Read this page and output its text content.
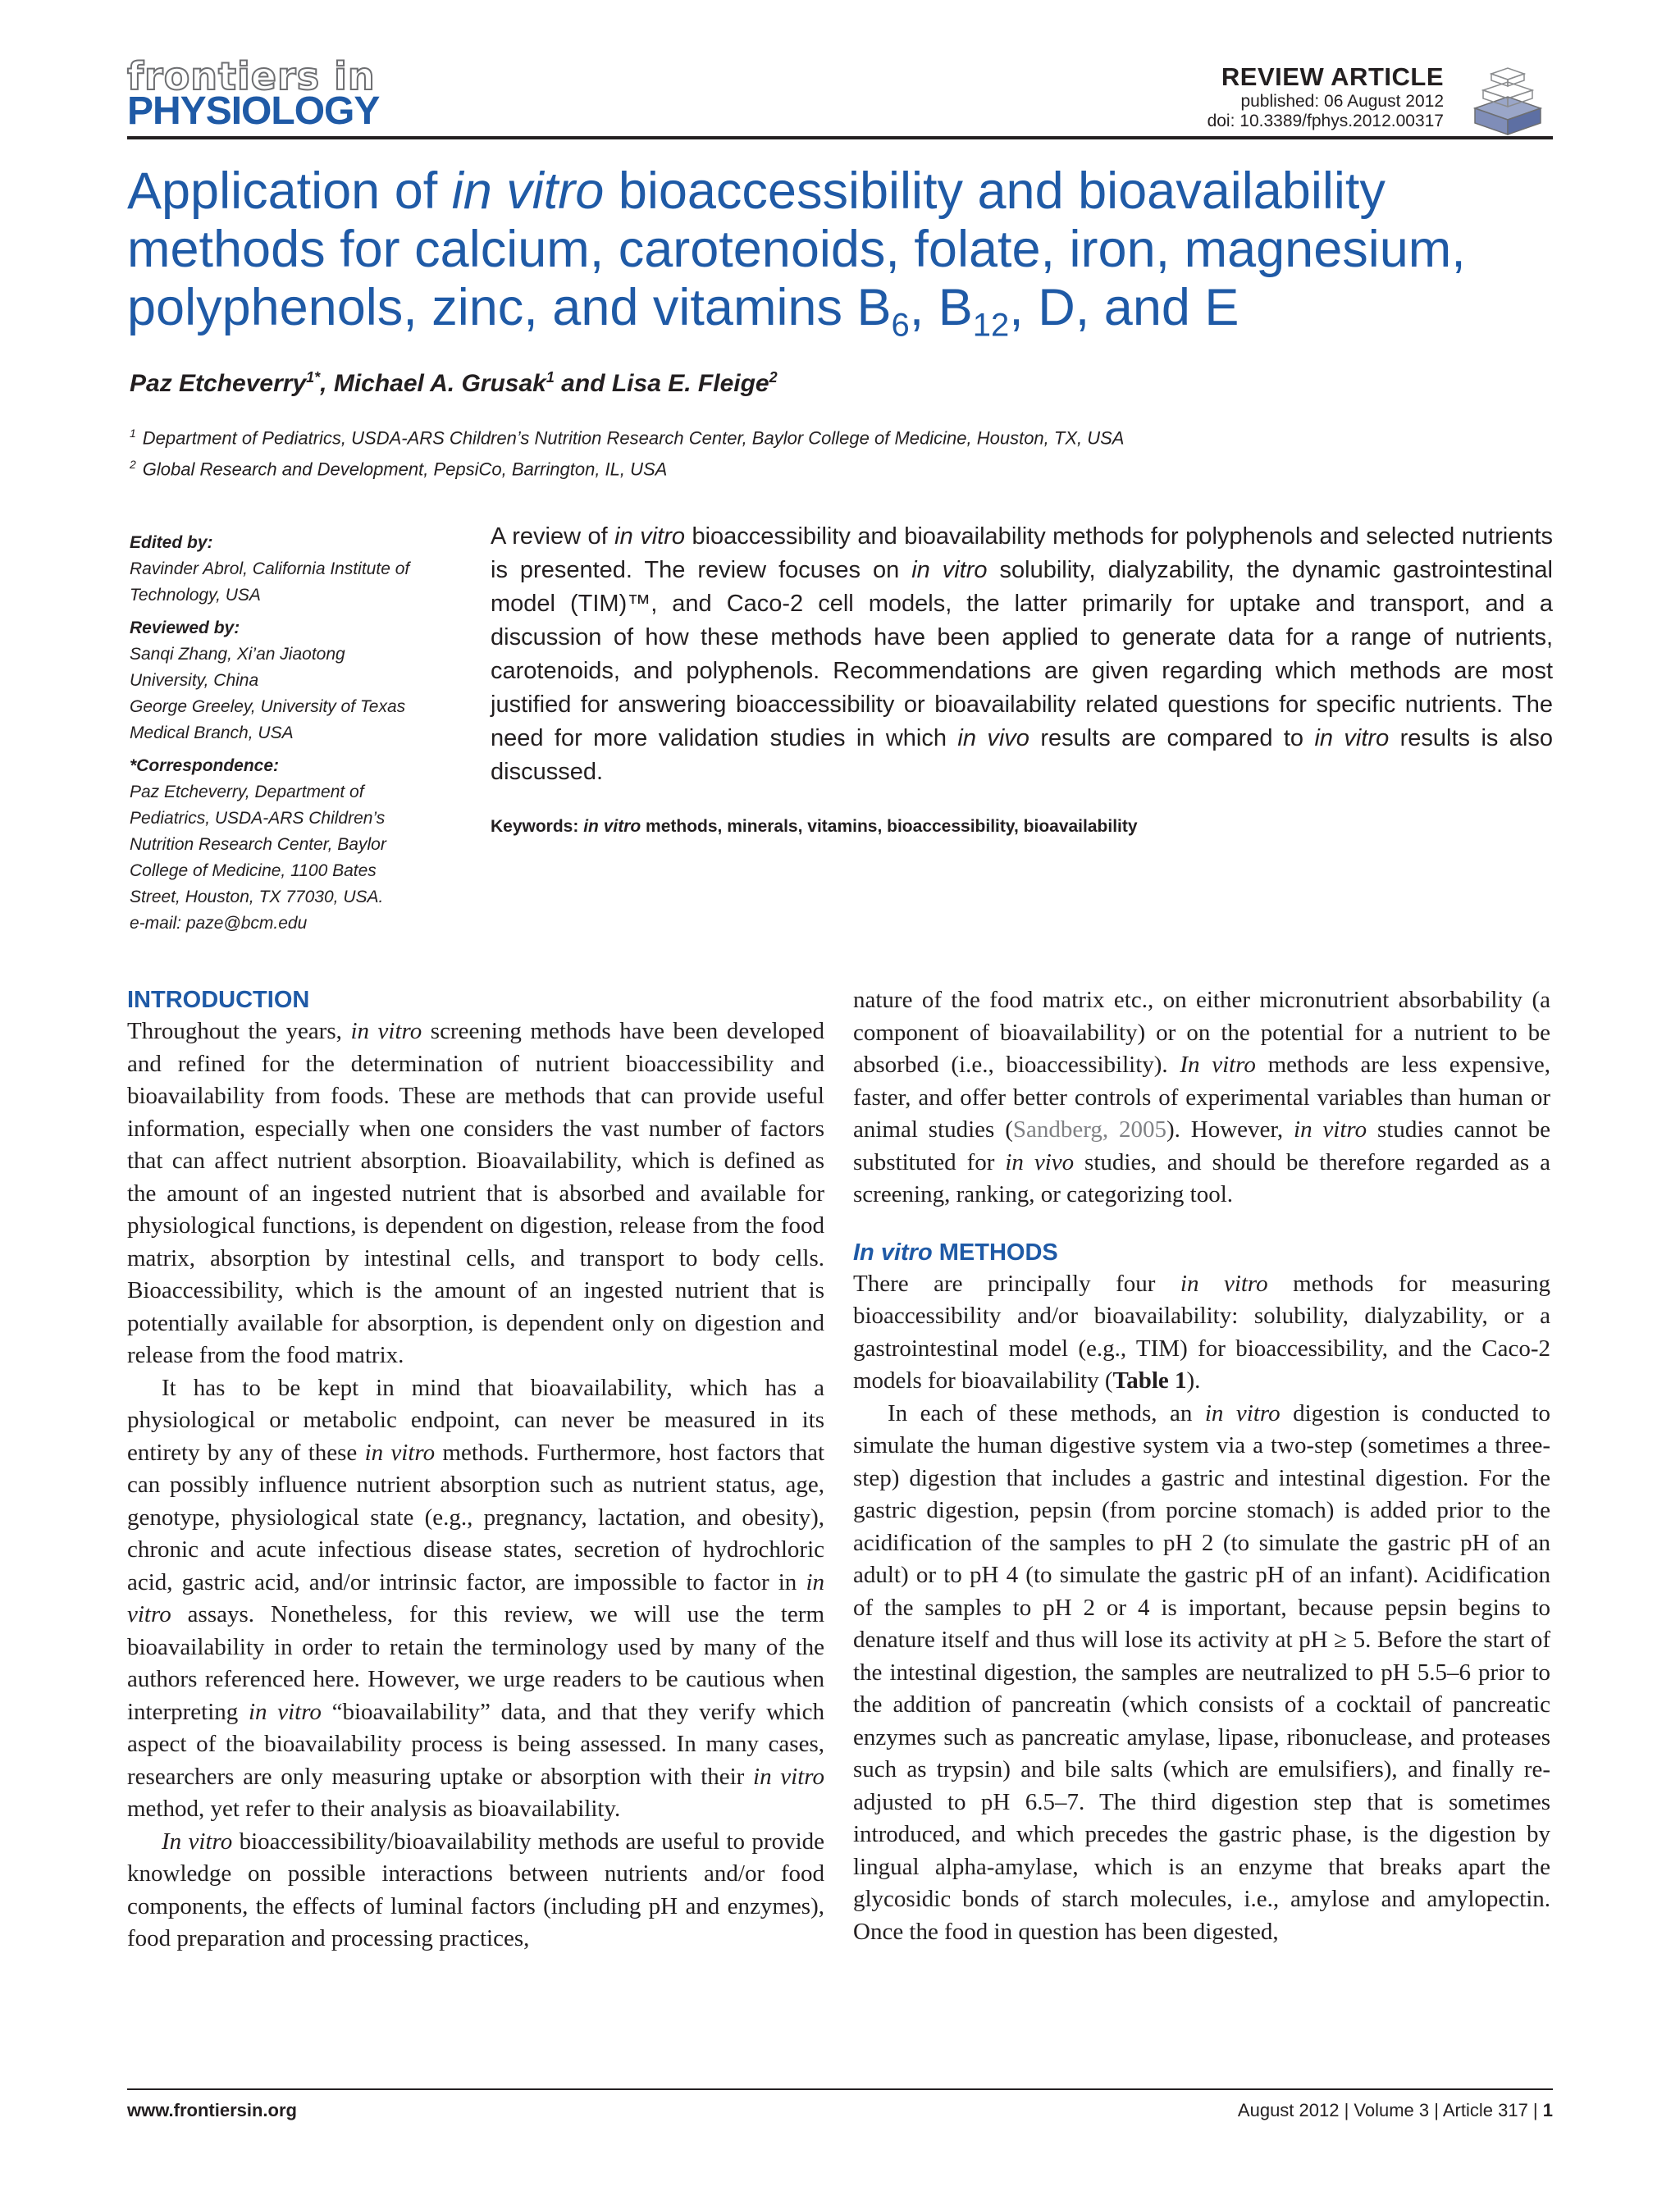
frontiers in
PHYSIOLOGY
REVIEW ARTICLE
published: 06 August 2012
doi: 10.3389/fphys.2012.00317
Application of in vitro bioaccessibility and bioavailability
methods for calcium, carotenoids, folate, iron, magnesium,
polyphenols, zinc, and vitamins $B_6$, $B_{12}$, D, and E
Paz Etcheverry$^{1*}$, Michael A. Grusak$^1$ and Lisa E. Fleige$^2$
$^1$ Department of Pediatrics, USDA-ARS Children’s Nutrition Research Center, Baylor College of Medicine, Houston, TX, USA
$^2$ Global Research and Development, PepsiCo, Barrington, IL, USA
Edited by:
Ravinder Abrol, California Institute of
Technology, USA
Reviewed by:
Sanqi Zhang, Xi’an Jiaotong
University, China
George Greeley, University of Texas
Medical Branch, USA
*Correspondence:
Paz Etcheverry, Department of
Pediatrics, USDA-ARS Children’s
Nutrition Research Center, Baylor
College of Medicine, 1100 Bates
Street, Houston, TX 77030, USA.
e-mail: paze@bcm.edu
A review of in vitro bioaccessibility and bioavailability methods for polyphenols and selected nutrients is presented. The review focuses on in vitro solubility, dialyzability, the dynamic gastrointestinal model (TIM)™, and Caco-2 cell models, the latter primarily for uptake and transport, and a discussion of how these methods have been applied to generate data for a range of nutrients, carotenoids, and polyphenols. Recommendations are given regarding which methods are most justified for answering bioaccessibility or bioavailability related questions for specific nutrients. The need for more validation studies in which in vivo results are compared to in vitro results is also discussed.
Keywords: in vitro methods, minerals, vitamins, bioaccessibility, bioavailability
INTRODUCTION

Throughout the years, in vitro screening methods have been developed and refined for the determination of nutrient bioaccessibility and bioavailability from foods. These are methods that can provide useful information, especially when one considers the vast number of factors that can affect nutrient absorption. Bioavailability, which is defined as the amount of an ingested nutrient that is absorbed and available for physiological functions, is dependent on digestion, release from the food matrix, absorption by intestinal cells, and transport to body cells. Bioaccessibility, which is the amount of an ingested nutrient that is potentially available for absorption, is dependent only on digestion and release from the food matrix.

It has to be kept in mind that bioavailability, which has a physiological or metabolic endpoint, can never be measured in its entirety by any of these in vitro methods. Furthermore, host factors that can possibly influence nutrient absorption such as nutrient status, age, genotype, physiological state (e.g., pregnancy, lactation, and obesity), chronic and acute infectious disease states, secretion of hydrochloric acid, gastric acid, and/or intrinsic factor, are impossible to factor in in vitro assays. Nonetheless, for this review, we will use the term bioavailability in order to retain the terminology used by many of the authors referenced here. However, we urge readers to be cautious when interpreting in vitro “bioavailability” data, and that they verify which aspect of the bioavailability process is being assessed. In many cases, researchers are only measuring uptake or absorption with their in vitro method, yet refer to their analysis as bioavailability.

In vitro bioaccessibility/bioavailability methods are useful to provide knowledge on possible interactions between nutrients and/or food components, the effects of luminal factors (including pH and enzymes), food preparation and processing practices,

nature of the food matrix etc., on either micronutrient absorbability (a component of bioavailability) or on the potential for a nutrient to be absorbed (i.e., bioaccessibility). In vitro methods are less expensive, faster, and offer better controls of experimental variables than human or animal studies (Sandberg, 2005). However, in vitro studies cannot be substituted for in vivo studies, and should be therefore regarded as a screening, ranking, or categorizing tool.

In vitro METHODS

There are principally four in vitro methods for measuring bioaccessibility and/or bioavailability: solubility, dialyzability, or a gastrointestinal model (e.g., TIM) for bioaccessibility, and the Caco-2 models for bioavailability (Table 1).

In each of these methods, an in vitro digestion is conducted to simulate the human digestive system via a two-step (sometimes a three-step) digestion that includes a gastric and intestinal digestion. For the gastric digestion, pepsin (from porcine stomach) is added prior to the acidification of the samples to pH 2 (to simulate the gastric pH of an adult) or to pH 4 (to simulate the gastric pH of an infant). Acidification of the samples to pH 2 or 4 is important, because pepsin begins to denature itself and thus will lose its activity at pH ≥ 5. Before the start of the intestinal digestion, the samples are neutralized to pH 5.5–6 prior to the addition of pancreatin (which consists of a cocktail of pancreatic enzymes such as pancreatic amylase, lipase, ribonuclease, and proteases such as trypsin) and bile salts (which are emulsifiers), and finally re-adjusted to pH 6.5–7. The third digestion step that is sometimes introduced, and which precedes the gastric phase, is the digestion by lingual alpha-amylase, which is an enzyme that breaks apart the glycosidic bonds of starch molecules, i.e., amylose and amylopectin. Once the food in question has been digested,

www.frontiersin.org	August 2012 | Volume 3 | Article 317 | 1
